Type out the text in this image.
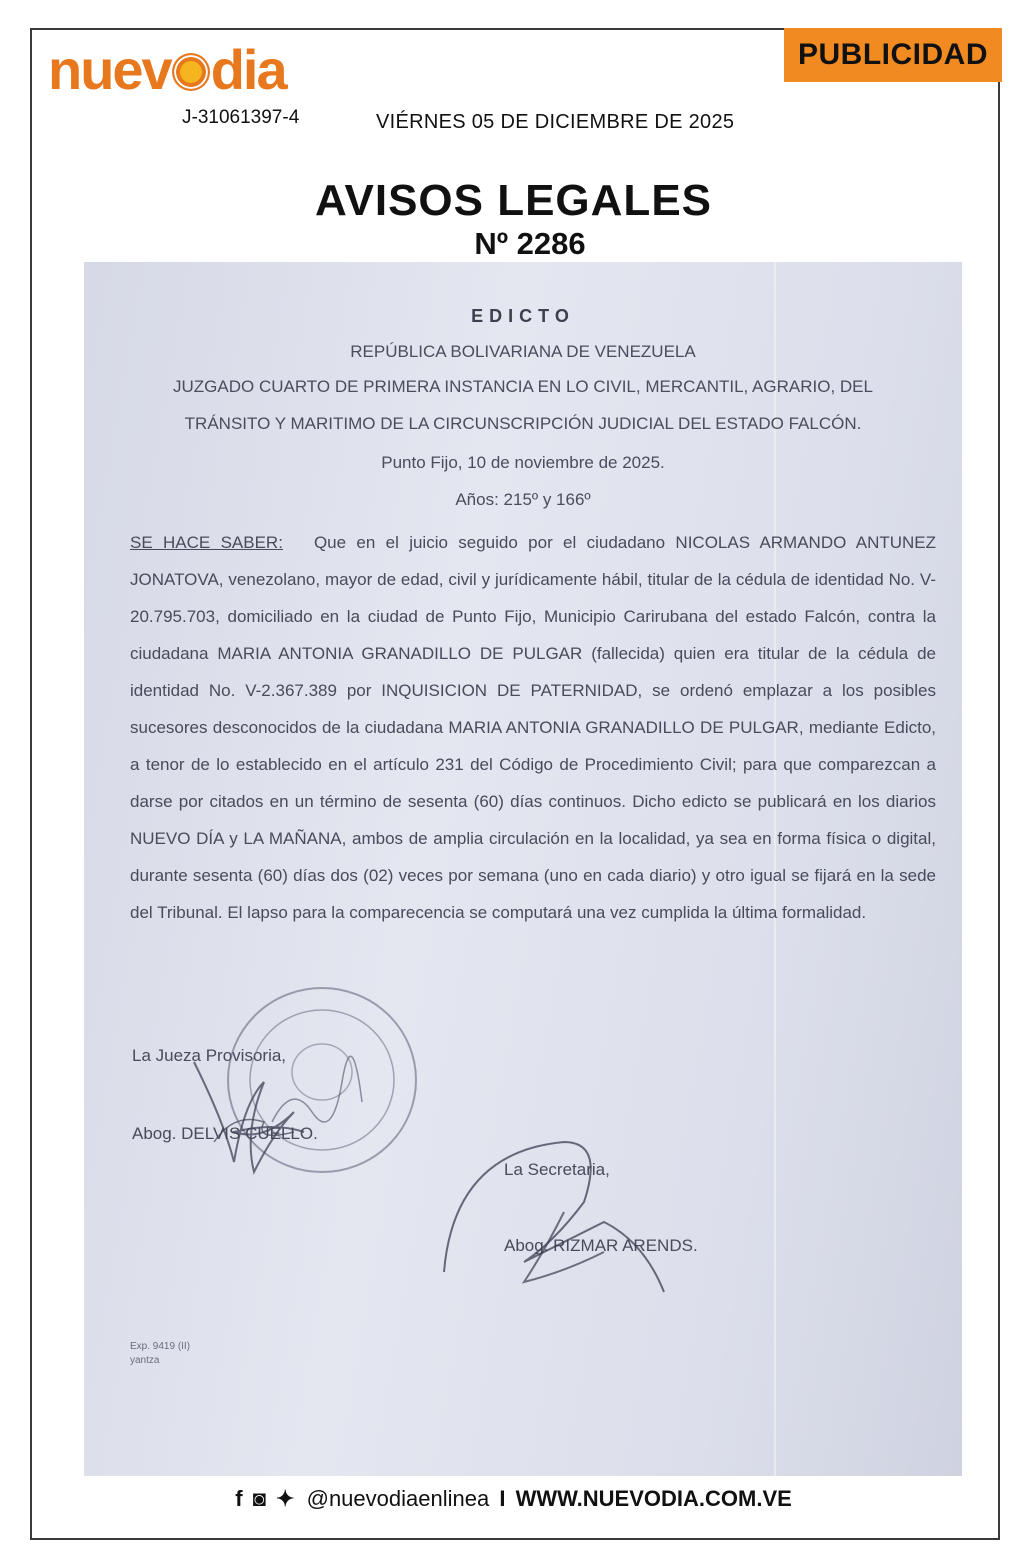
nuev dia
J-31061397-4	VIÉRNES 05 DE DICIEMBRE DE 2025
PUBLICIDAD
AVISOS LEGALES
Nº 2286
EDICTO
REPÚBLICA BOLIVARIANA DE VENEZUELA
JUZGADO CUARTO DE PRIMERA INSTANCIA EN LO CIVIL, MERCANTIL, AGRARIO, DEL
TRÁNSITO Y MARITIMO DE LA CIRCUNSCRIPCIÓN JUDICIAL DEL ESTADO FALCÓN.
Punto Fijo, 10 de noviembre de 2025.
Años: 215º y 166º
SE HACE SABER: Que en el juicio seguido por el ciudadano NICOLAS ARMANDO ANTUNEZ JONATOVA, venezolano, mayor de edad, civil y jurídicamente hábil, titular de la cédula de identidad No. V-20.795.703, domiciliado en la ciudad de Punto Fijo, Municipio Carirubana del estado Falcón, contra la ciudadana MARIA ANTONIA GRANADILLO DE PULGAR (fallecida) quien era titular de la cédula de identidad No. V-2.367.389 por INQUISICION DE PATERNIDAD, se ordenó emplazar a los posibles sucesores desconocidos de la ciudadana MARIA ANTONIA GRANADILLO DE PULGAR, mediante Edicto, a tenor de lo establecido en el artículo 231 del Código de Procedimiento Civil; para que comparezcan a darse por citados en un término de sesenta (60) días continuos. Dicho edicto se publicará en los diarios NUEVO DÍA y LA MAÑANA, ambos de amplia circulación en la localidad, ya sea en forma física o digital, durante sesenta (60) días dos (02) veces por semana (uno en cada diario) y otro igual se fijará en la sede del Tribunal. El lapso para la comparecencia se computará una vez cumplida la última formalidad.
La Jueza Provisoria,
Abog. DELVIS CUELLO.
La Secretaria,
Abog. RIZMAR ARENDS.
Exp. 9419 (II)
yantza
f ◙ ✦ @nuevodiaenlinea I WWW.NUEVODIA.COM.VE
